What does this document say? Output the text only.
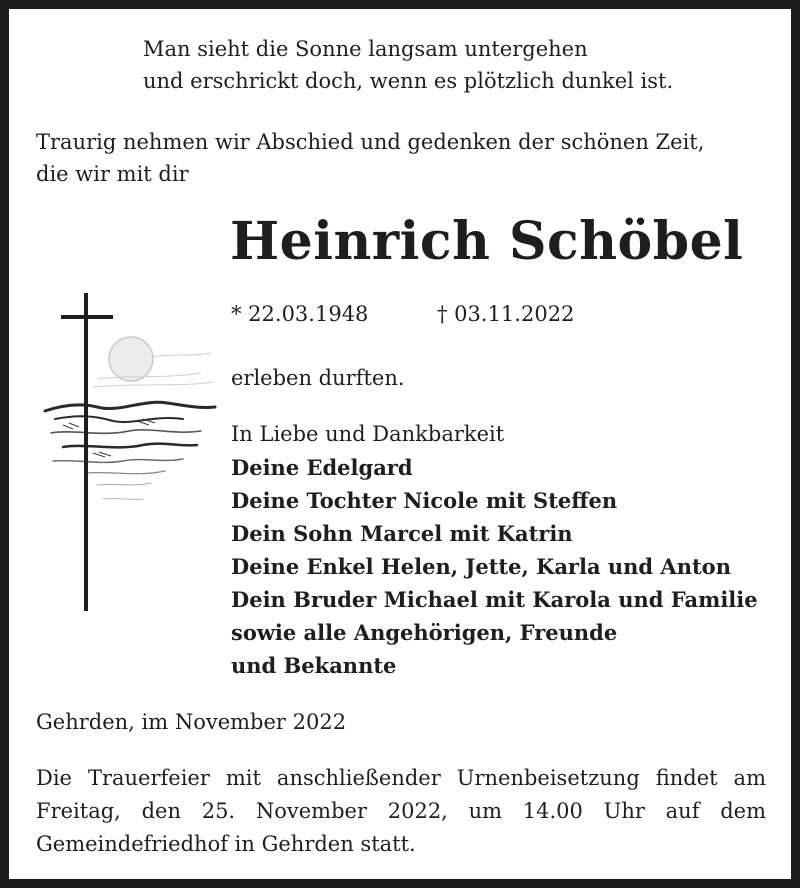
Man sieht die Sonne langsam untergehen

und erschrickt doch, wenn es plötzlich dunkel ist.

Traurig nehmen wir Abschied und gedenken der schönen Zeit,

die wir mit dir

Heinrich Schöbel

* 22.03.1948	† 03.11.2022

erleben durften.

In Liebe und Dankbarkeit

Deine Edelgard

Deine Tochter Nicole mit Steffen

Dein Sohn Marcel mit Katrin

Deine Enkel Helen, Jette, Karla und Anton

Dein Bruder Michael mit Karola und Familie

sowie alle Angehörigen, Freunde

und Bekannte

Gehrden, im November 2022

Die Trauerfeier mit anschließender Urnenbeisetzung findet am Freitag, den 25. November 2022, um 14.00 Uhr auf dem Gemeindefriedhof in Gehrden statt.
